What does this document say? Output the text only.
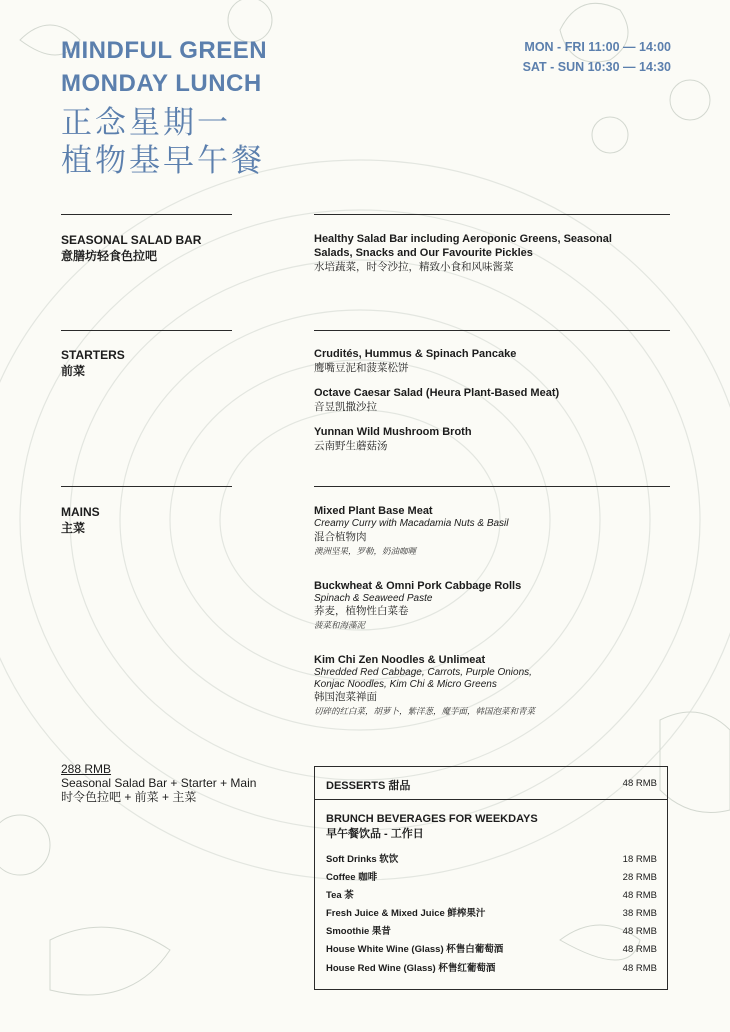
MINDFUL GREEN
MONDAY LUNCH
正念星期一
植物基早午餐
MON - FRI 11:00 — 14:00
SAT - SUN 10:30 — 14:30
SEASONAL SALAD BAR
意膳坊轻食色拉吧
Healthy Salad Bar including Aeroponic Greens, Seasonal Salads, Snacks and Our Favourite Pickles
水培蔬菜，时令沙拉，精致小食和风味酱菜
STARTERS
前菜
Crudités, Hummus & Spinach Pancake
鹰嘴豆泥和菠菜松饼
Octave Caesar Salad (Heura Plant-Based Meat)
音昱凯撒沙拉
Yunnan Wild Mushroom Broth
云南野生蘑菇汤
MAINS
主菜
Mixed Plant Base Meat
Creamy Curry with Macadamia Nuts & Basil
混合植物肉
澳洲坚果，罗勒，奶油咖喱
Buckwheat & Omni Pork Cabbage Rolls
Spinach & Seaweed Paste
荞麦，植物性白菜卷
菠菜和海藻泥
Kim Chi Zen Noodles & Unlimeat
Shredded Red Cabbage, Carrots, Purple Onions, Konjac Noodles, Kim Chi & Micro Greens
韩国泡菜禅面
切碎的红白菜，胡萝卜，紫洋葱，魔芋面，韩国泡菜和青菜
288 RMB
Seasonal Salad Bar + Starter + Main
时令色拉吧 + 前菜 + 主菜
DESSERTS 甜品	48 RMB
BRUNCH BEVERAGES FOR WEEKDAYS
早午餐饮品 - 工作日
Soft Drinks 软饮	18 RMB
Coffee 咖啡	28 RMB
Tea 茶	48 RMB
Fresh Juice & Mixed Juice 鲜榨果汁	38 RMB
Smoothie 果昔	48 RMB
House White Wine (Glass) 杯售白葡萄酒	48 RMB
House Red Wine (Glass) 杯售红葡萄酒	48 RMB
